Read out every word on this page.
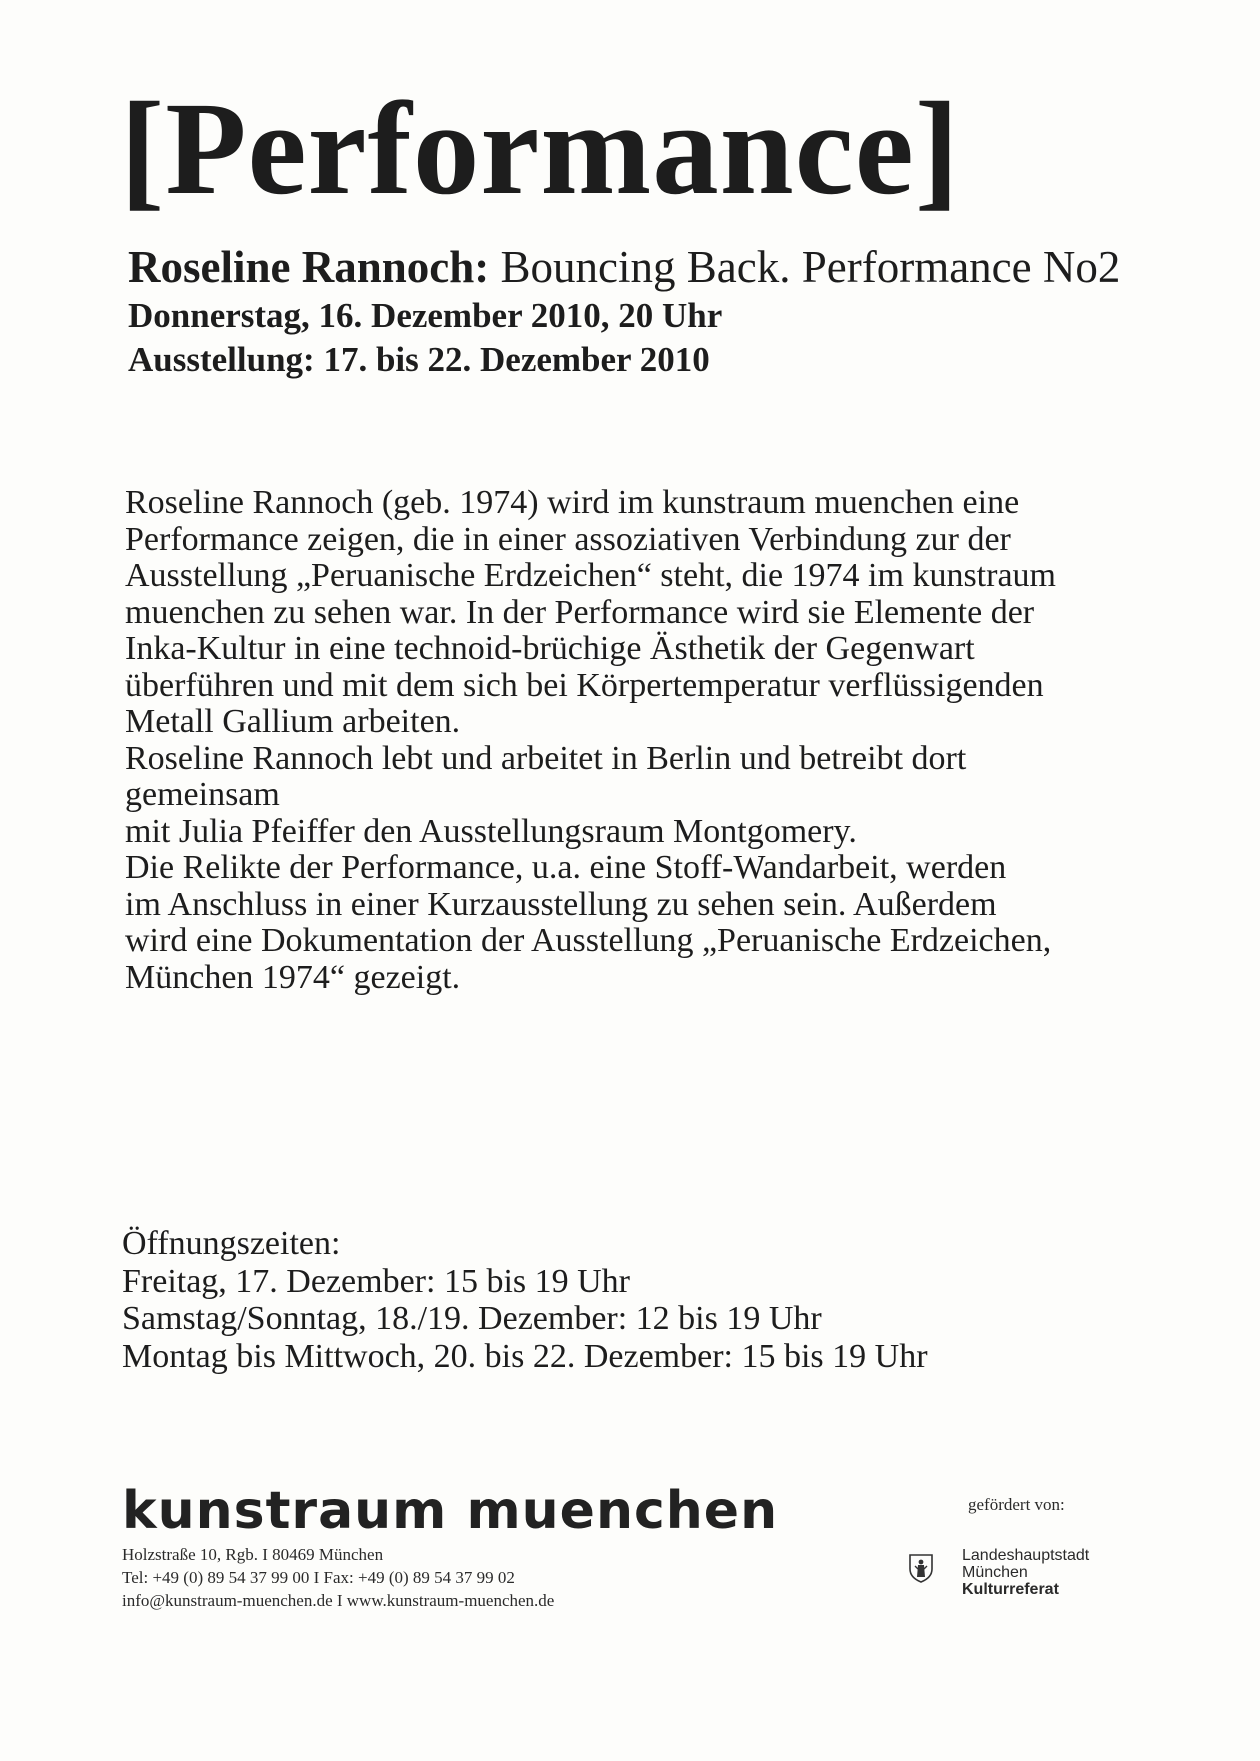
[Performance]
Roseline Rannoch: Bouncing Back. Performance No2
Donnerstag, 16. Dezember 2010, 20 Uhr
Ausstellung: 17. bis 22. Dezember 2010

Roseline Rannoch (geb. 1974) wird im kunstraum muenchen eine

Performance zeigen, die in einer assoziativen Verbindung zur der

Ausstellung „Peruanische Erdzeichen“ steht, die 1974 im kunstraum

muenchen zu sehen war. In der Performance wird sie Elemente der

Inka-Kultur in eine technoid-brüchige Ästhetik der Gegenwart

überführen und mit dem sich bei Körpertemperatur verflüssigenden

Metall Gallium arbeiten.

Roseline Rannoch lebt und arbeitet in Berlin und betreibt dort gemeinsam

mit Julia Pfeiffer den Ausstellungsraum Montgomery.

Die Relikte der Performance, u.a. eine Stoff-Wandarbeit, werden

im Anschluss in einer Kurzausstellung zu sehen sein. Außerdem

wird eine Dokumentation der Ausstellung „Peruanische Erdzeichen,

München 1974“ gezeigt.

Öffnungszeiten:
Freitag, 17. Dezember: 15 bis 19 Uhr
Samstag/Sonntag, 18./19. Dezember: 12 bis 19 Uhr
Montag bis Mittwoch, 20. bis 22. Dezember: 15 bis 19 Uhr
kunstraum muenchen
Holzstraße 10, Rgb. I 80469 München
Tel: +49 (0) 89 54 37 99 00 I Fax: +49 (0) 89 54 37 99 02
info@kunstraum-muenchen.de I www.kunstraum-muenchen.de
gefördert von:
Landeshauptstadt
München
Kulturreferat
